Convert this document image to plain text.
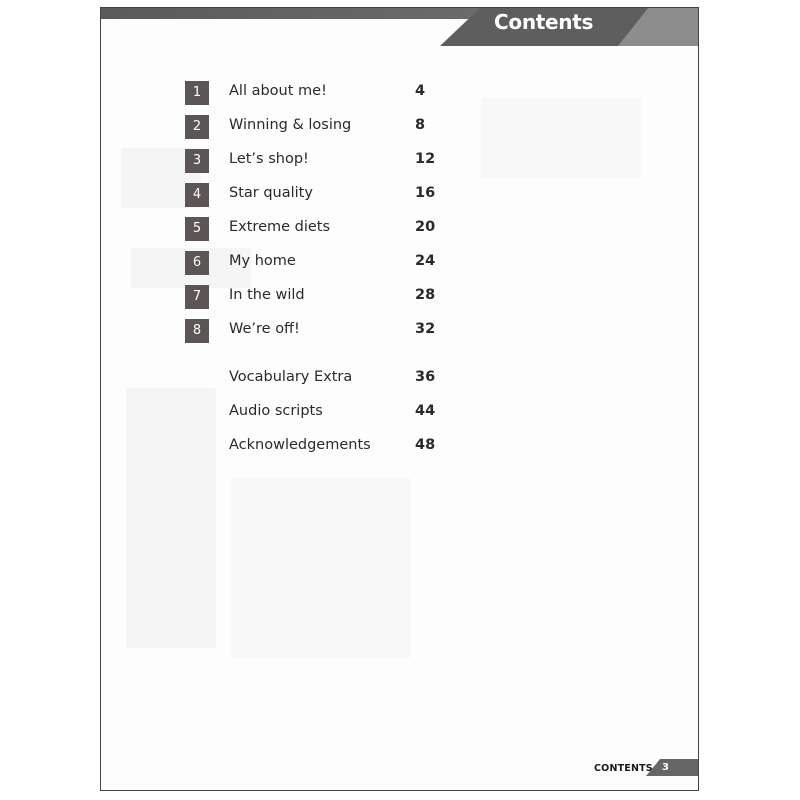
Contents
1	All about me!	4
2	Winning & losing	8
3	Let’s shop!	12
4	Star quality	16
5	Extreme diets	20
6	My home	24
7	In the wild	28
8	We’re off!	32
Vocabulary Extra	36
Audio scripts	44
Acknowledgements	48
CONTENTS 3
